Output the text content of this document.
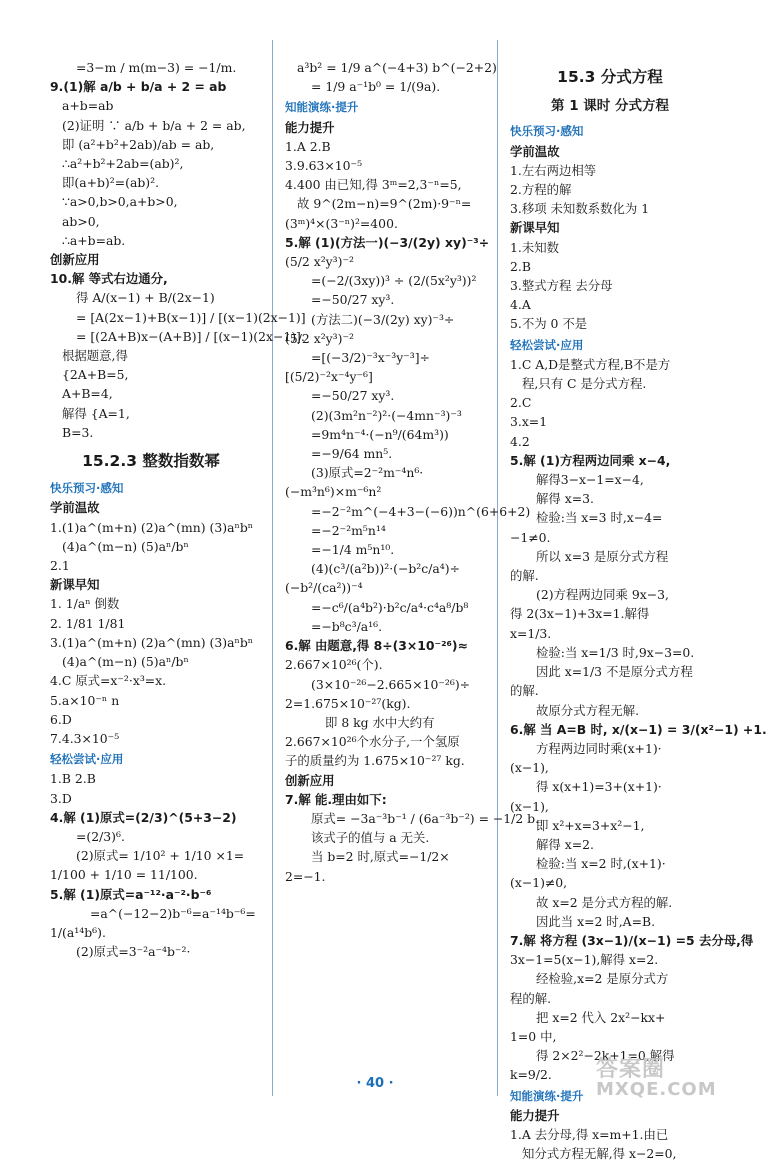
=3−m / m(m−3) = −1/m.
9.(1)解 a/b + b/a + 2 = ab
a+b=ab
(2)证明 ∵ a/b + b/a + 2 = ab,
即 (a²+b²+2ab)/ab = ab,
∴a²+b²+2ab=(ab)²,
即(a+b)²=(ab)².
∵a>0,b>0,a+b>0,
ab>0,
∴a+b=ab.
创新应用
10.解 等式右边通分,
得 A/(x−1) + B/(2x−1)
= [A(2x−1)+B(x−1)] / [(x−1)(2x−1)]
= [(2A+B)x−(A+B)] / [(x−1)(2x−1)].
根据题意,得
{2A+B=5,
A+B=4,
解得 {A=1,
B=3.
15.2.3 整数指数幂
快乐预习·感知
学前温故
1.(1)a^(m+n) (2)a^(mn) (3)aⁿbⁿ
(4)a^(m−n) (5)aⁿ/bⁿ
2.1
新课早知
1. 1/aⁿ 倒数
2. 1/81 1/81
3.(1)a^(m+n) (2)a^(mn) (3)aⁿbⁿ
(4)a^(m−n) (5)aⁿ/bⁿ
4.C 原式=x⁻²·x³=x.
5.a×10⁻ⁿ n
6.D
7.4.3×10⁻⁵
轻松尝试·应用
1.B 2.B
3.D
4.解 (1)原式=(2/3)^(5+3−2)
=(2/3)⁶.
(2)原式= 1/10² + 1/10 ×1=
1/100 + 1/10 = 11/100.
5.解 (1)原式=a⁻¹²·a⁻²·b⁻⁶
=a^(−12−2)b⁻⁶=a⁻¹⁴b⁻⁶=
1/(a¹⁴b⁶).
(2)原式=3⁻²a⁻⁴b⁻²·
a³b² = 1/9 a^(−4+3) b^(−2+2)
= 1/9 a⁻¹b⁰ = 1/(9a).
知能演练·提升
能力提升
1.A 2.B
3.9.63×10⁻⁵
4.400 由已知,得 3ᵐ=2,3⁻ⁿ=5,
故 9^(2m−n)=9^(2m)·9⁻ⁿ=
(3ᵐ)⁴×(3⁻ⁿ)²=400.
5.解 (1)(方法一)(−3/(2y) xy)⁻³÷
(5/2 x²y³)⁻²
=(−2/(3xy))³ ÷ (2/(5x²y³))²
=−50/27 xy³.
(方法二)(−3/(2y) xy)⁻³÷
(5/2 x²y³)⁻²
=[(−3/2)⁻³x⁻³y⁻³]÷
[(5/2)⁻²x⁻⁴y⁻⁶]
=−50/27 xy³.
(2)(3m²n⁻²)²·(−4mn⁻³)⁻³
=9m⁴n⁻⁴·(−n⁹/(64m³))
=−9/64 mn⁵.
(3)原式=2⁻²m⁻⁴n⁶·
(−m³n⁶)×m⁻⁶n²
=−2⁻²m^(−4+3−(−6))n^(6+6+2)
=−2⁻²m⁵n¹⁴
=−1/4 m⁵n¹⁰.
(4)(c³/(a²b))²·(−b²c/a⁴)÷
(−b²/(ca²))⁻⁴
=−c⁶/(a⁴b²)·b²c/a⁴·c⁴a⁸/b⁸
=−b⁸c³/a¹⁶.
6.解 由题意,得 8÷(3×10⁻²⁶)≈
2.667×10²⁶(个).
(3×10⁻²⁶−2.665×10⁻²⁶)÷
2=1.675×10⁻²⁷(kg).
即 8 kg 水中大约有
2.667×10²⁶个水分子,一个氢原
子的质量约为 1.675×10⁻²⁷ kg.
创新应用
7.解 能.理由如下:
原式= −3a⁻³b⁻¹ / (6a⁻³b⁻²) = −1/2 b.
该式子的值与 a 无关.
当 b=2 时,原式=−1/2×
2=−1.
15.3 分式方程
第 1 课时 分式方程
快乐预习·感知
学前温故
1.左右两边相等
2.方程的解
3.移项 未知数系数化为 1
新课早知
1.未知数
2.B
3.整式方程 去分母
4.A
5.不为 0 不是
轻松尝试·应用
1.C A,D是整式方程,B不是方
程,只有 C 是分式方程.
2.C
3.x=1
4.2
5.解 (1)方程两边同乘 x−4,
解得3−x−1=x−4,
解得 x=3.
检验:当 x=3 时,x−4=
−1≠0.
所以 x=3 是原分式方程
的解.
(2)方程两边同乘 9x−3,
得 2(3x−1)+3x=1.解得
x=1/3.
检验:当 x=1/3 时,9x−3=0.
因此 x=1/3 不是原分式方程
的解.
故原分式方程无解.
6.解 当 A=B 时, x/(x−1) = 3/(x²−1) +1.
方程两边同时乘(x+1)·
(x−1),
得 x(x+1)=3+(x+1)·
(x−1),
即 x²+x=3+x²−1,
解得 x=2.
检验:当 x=2 时,(x+1)·
(x−1)≠0,
故 x=2 是分式方程的解.
因此当 x=2 时,A=B.
7.解 将方程 (3x−1)/(x−1) =5 去分母,得
3x−1=5(x−1),解得 x=2.
经检验,x=2 是原分式方
程的解.
把 x=2 代入 2x²−kx+
1=0 中,
得 2×2²−2k+1=0,解得
k=9/2.
知能演练·提升
能力提升
1.A 去分母,得 x=m+1.由已
知分式方程无解,得 x−2=0,
· 40 ·
答案圈
MXQE.COM
